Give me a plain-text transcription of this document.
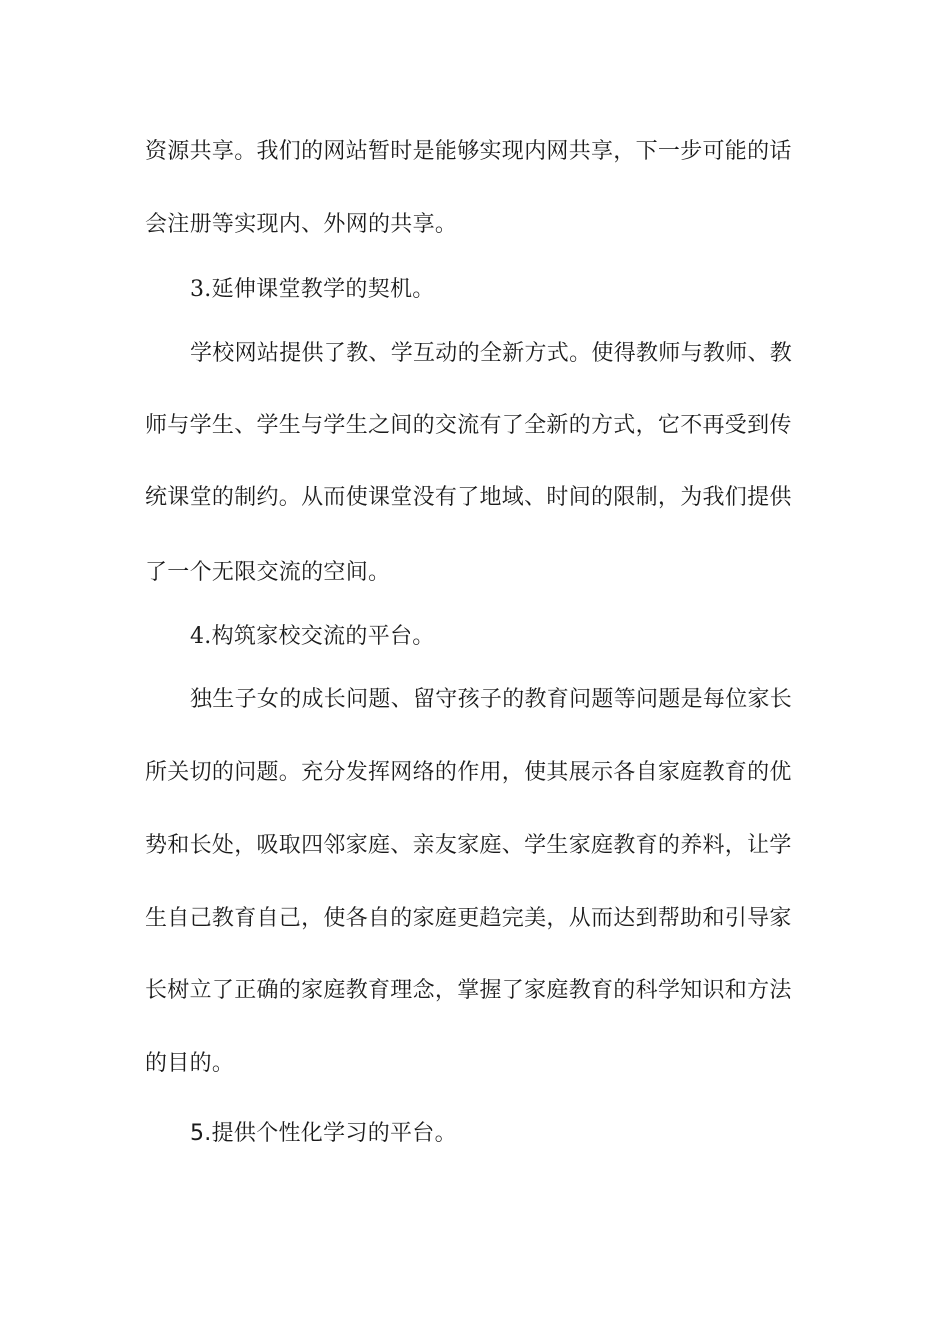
资源共享。我们的网站暂时是能够实现内网共享，下一步可能的话
会注册等实现内、外网的共享。
3.延伸课堂教学的契机。
学校网站提供了教、学互动的全新方式。使得教师与教师、教
师与学生、学生与学生之间的交流有了全新的方式，它不再受到传
统课堂的制约。从而使课堂没有了地域、时间的限制，为我们提供
了一个无限交流的空间。
4.构筑家校交流的平台。
独生子女的成长问题、留守孩子的教育问题等问题是每位家长
所关切的问题。充分发挥网络的作用，使其展示各自家庭教育的优
势和长处，吸取四邻家庭、亲友家庭、学生家庭教育的养料，让学
生自己教育自己，使各自的家庭更趋完美，从而达到帮助和引导家
长树立了正确的家庭教育理念，掌握了家庭教育的科学知识和方法
的目的。
5.提供个性化学习的平台。
